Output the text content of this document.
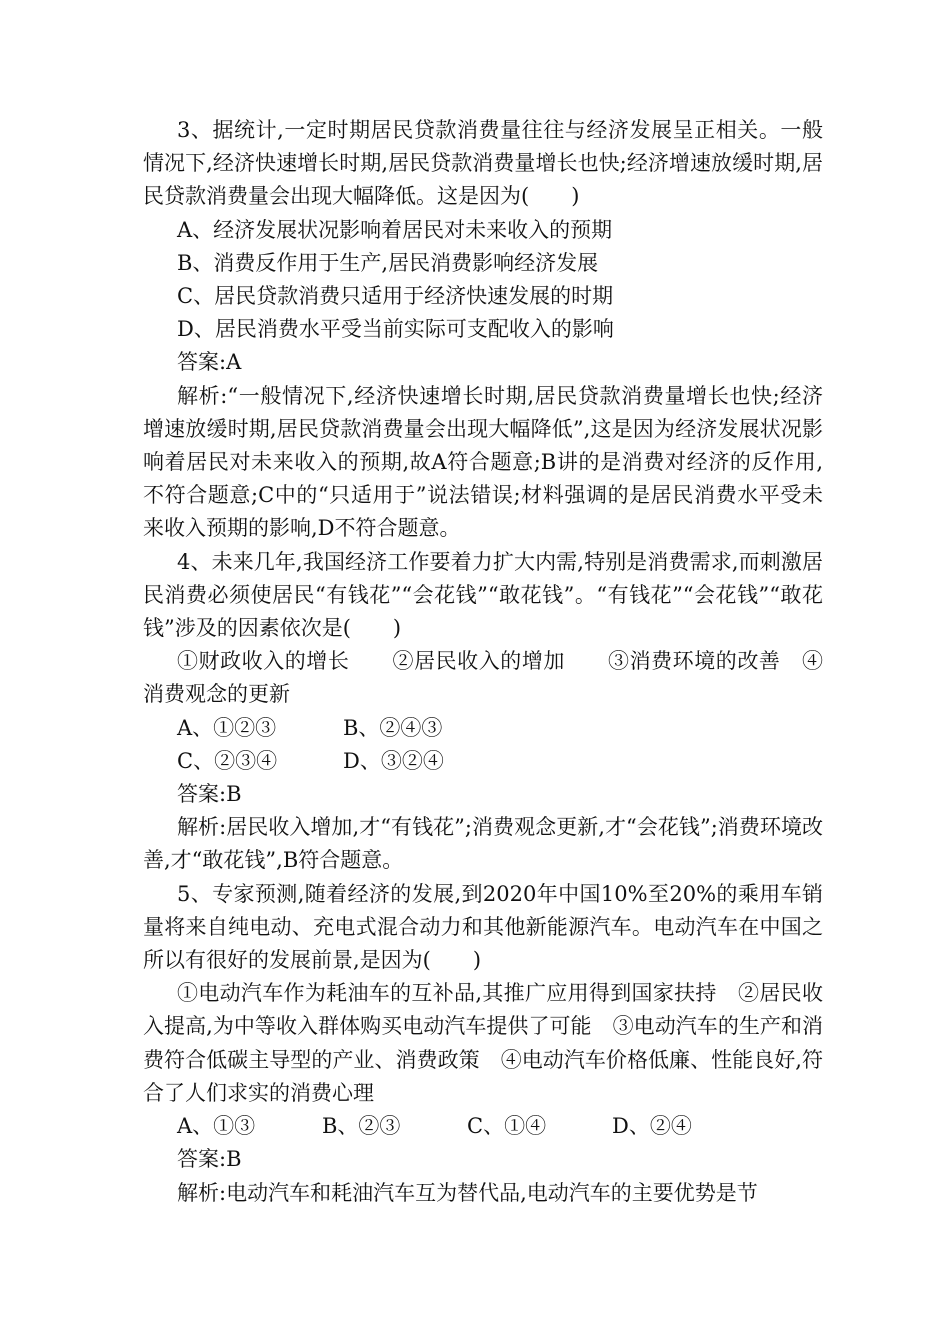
3、据统计,一定时期居民贷款消费量往往与经济发展呈正相关。一般情况下,经济快速增长时期,居民贷款消费量增长也快;经济增速放缓时期,居民贷款消费量会出现大幅降低。这是因为(　　)

A、经济发展状况影响着居民对未来收入的预期

B、消费反作用于生产,居民消费影响经济发展

C、居民贷款消费只适用于经济快速发展的时期

D、居民消费水平受当前实际可支配收入的影响

答案:A

解析:“一般情况下,经济快速增长时期,居民贷款消费量增长也快;经济增速放缓时期,居民贷款消费量会出现大幅降低”,这是因为经济发展状况影响着居民对未来收入的预期,故A符合题意;B讲的是消费对经济的反作用,不符合题意;C中的“只适用于”说法错误;材料强调的是居民消费水平受未来收入预期的影响,D不符合题意。

4、未来几年,我国经济工作要着力扩大内需,特别是消费需求,而刺激居民消费必须使居民“有钱花”“会花钱”“敢花钱”。“有钱花”“会花钱”“敢花钱”涉及的因素依次是(　　)

①财政收入的增长　　②居民收入的增加　　③消费环境的改善　④消费观念的更新

A、①②③	B、②④③
C、②③④	D、③②④

答案:B

解析:居民收入增加,才“有钱花”;消费观念更新,才“会花钱”;消费环境改善,才“敢花钱”,B符合题意。

5、专家预测,随着经济的发展,到2020年中国10%至20%的乘用车销量将来自纯电动、充电式混合动力和其他新能源汽车。电动汽车在中国之所以有很好的发展前景,是因为(　　)

①电动汽车作为耗油车的互补品,其推广应用得到国家扶持　②居民收入提高,为中等收入群体购买电动汽车提供了可能　③电动汽车的生产和消费符合低碳主导型的产业、消费政策　④电动汽车价格低廉、性能良好,符合了人们求实的消费心理

A、①③	B、②③	C、①④	D、②④

答案:B

解析:电动汽车和耗油汽车互为替代品,电动汽车的主要优势是节
